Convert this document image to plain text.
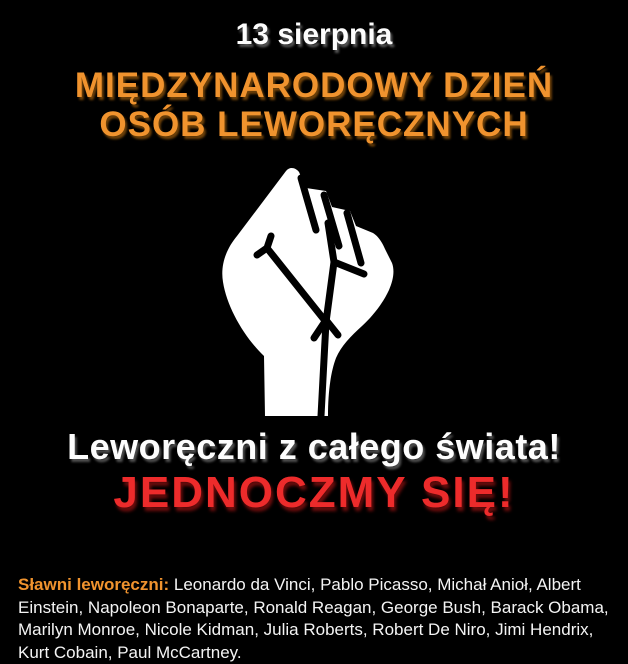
13 sierpnia
MIĘDZYNARODOWY DZIEŃ
OSÓB LEWORĘCZNYCH
Leworęczni z całego świata!
JEDNOCZMY SIĘ!

Sławni leworęczni: Leonardo da Vinci, Pablo Picasso, Michał Anioł, Albert Einstein, Napoleon Bonaparte, Ronald Reagan, George Bush, Barack Obama, Marilyn Monroe, Nicole Kidman, Julia Roberts, Robert De Niro, Jimi Hendrix, Kurt Cobain, Paul McCartney.
